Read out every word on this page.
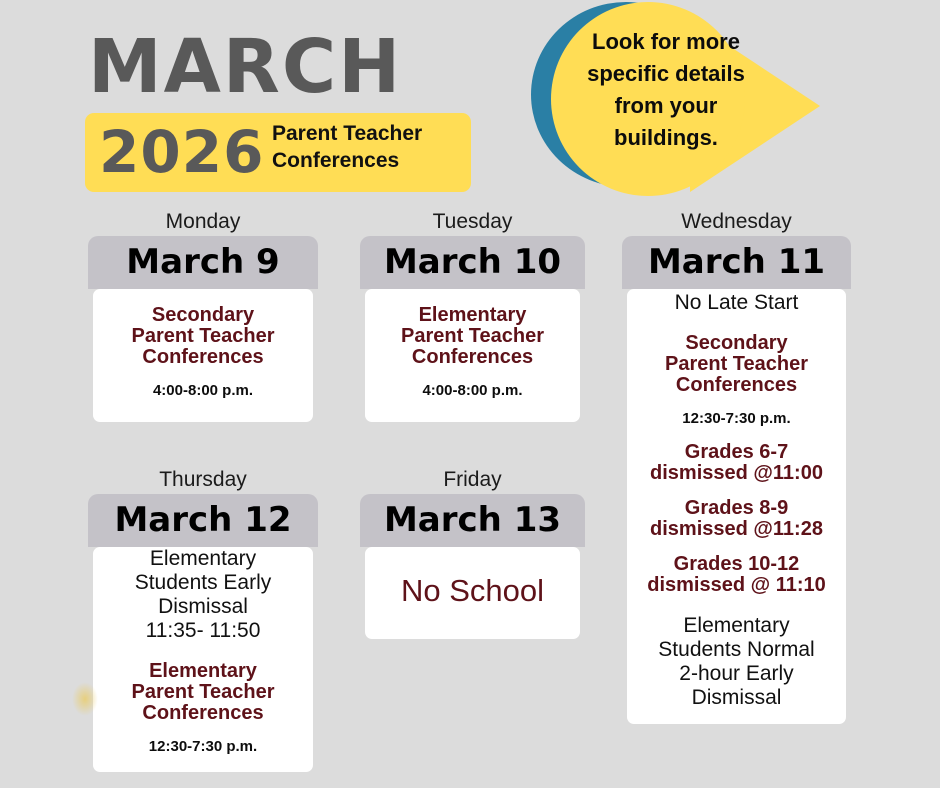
MARCH
2026 Parent Teacher
Conferences
Look for more
specific details
from your
buildings.
Monday	Tuesday	Wednesday
Thursday	Friday
March 9
Secondary
Parent Teacher
Conferences
4:00-8:00 p.m.
March 10
Elementary
Parent Teacher
Conferences
4:00-8:00 p.m.
March 11
No Late Start
Secondary
Parent Teacher
Conferences
12:30-7:30 p.m.
Grades 6-7
dismissed @11:00
Grades 8-9
dismissed @11:28
Grades 10-12
dismissed @ 11:10
Elementary
Students Normal
2-hour Early
Dismissal
March 12
Elementary
Students Early
Dismissal
11:35- 11:50
Elementary
Parent Teacher
Conferences
12:30-7:30 p.m.
March 13
No School
